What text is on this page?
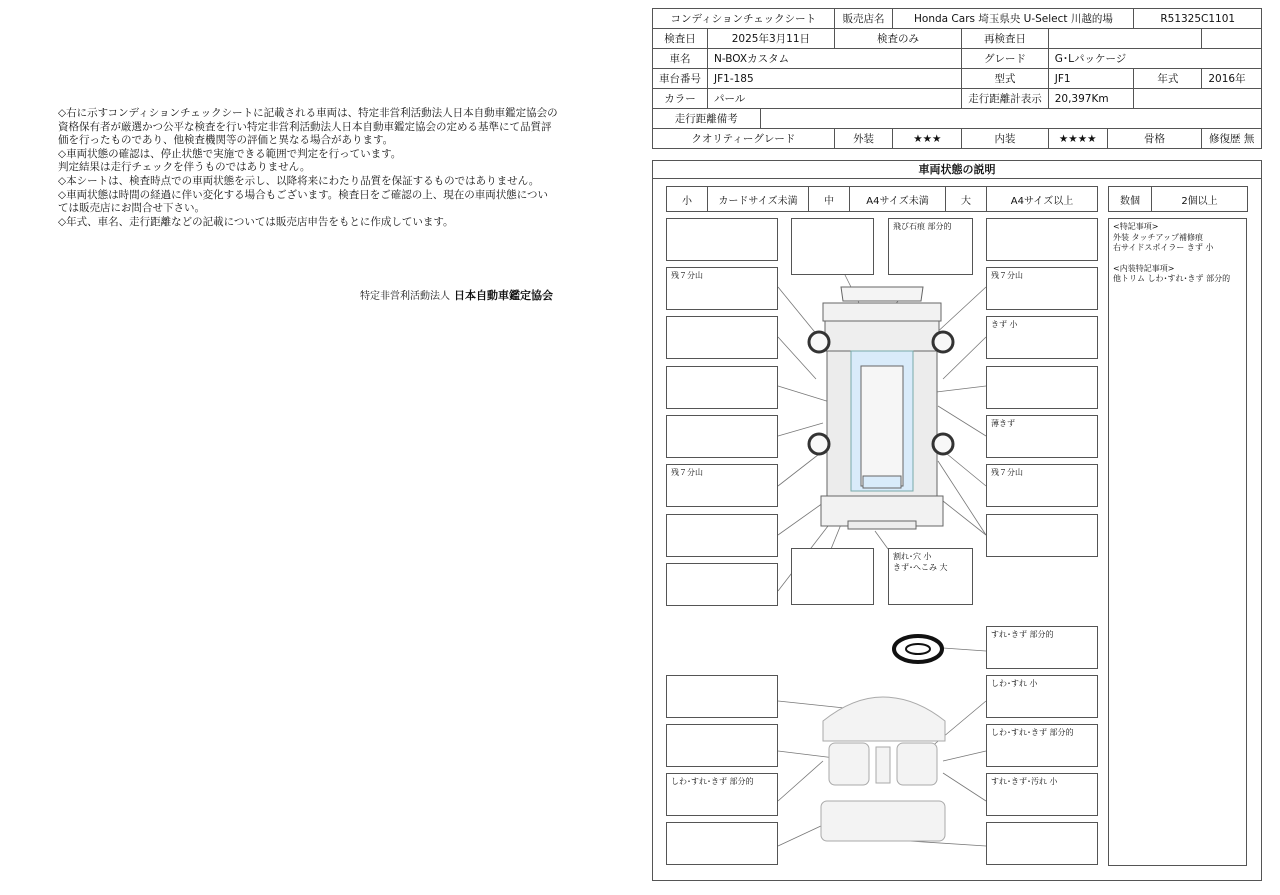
◇右に示すコンディションチェックシートに記載される車両は、特定非営利活動法人日本自動車鑑定協会の資格保有者が厳選かつ公平な検査を行い特定非営利活動法人日本自動車鑑定協会の定める基準にて品質評価を行ったものであり、他検査機関等の評価と異なる場合があります。

◇車両状態の確認は、停止状態で実施できる範囲で判定を行っています。

判定結果は走行チェックを伴うものではありません。

◇本シートは、検査時点での車両状態を示し、以降将来にわたり品質を保証するものではありません。

◇車両状態は時間の経過に伴い変化する場合もございます。検査日をご確認の上、現在の車両状態については販売店にお問合せ下さい。

◇年式、車名、走行距離などの記載については販売店申告をもとに作成しています。

特定非営利活動法人 日本自動車鑑定協会
コンディションチェックシート			販売店名	Honda Cars 埼玉県央 U-Select 川越的場				R51325C1101	
検査日	2025年3月11日		検査のみ		再検査日				
車名	N-BOXカスタム				グレード	G･Lパッケージ			
車台番号	JF1-185				型式	JF1		年式	2016年
カラー	パール				走行距離計表示	20,397Km			
走行距離備考									
クオリティーグレード			外装	★★★	内装	★★★★	骨格		修復歴 無
車両状態の説明
小	カードサイズ未満	中	A4サイズ未満	大	A4サイズ以上	数個	2個以上
<特記事項>
外装 タッチアップ補修痕
右サイドスポイラー きず 小
<内装特記事項>
他トリム しわ･すれ･きず 部分的
残７分山
残７分山
飛び石痕 部分的
割れ･穴 小
きず･へこみ 大
残７分山
きず 小
薄きず
残７分山
すれ･きず 部分的
しわ･すれ 小
しわ･すれ･きず 部分的
しわ･すれ･きず 部分的	すれ･きず･汚れ 小
